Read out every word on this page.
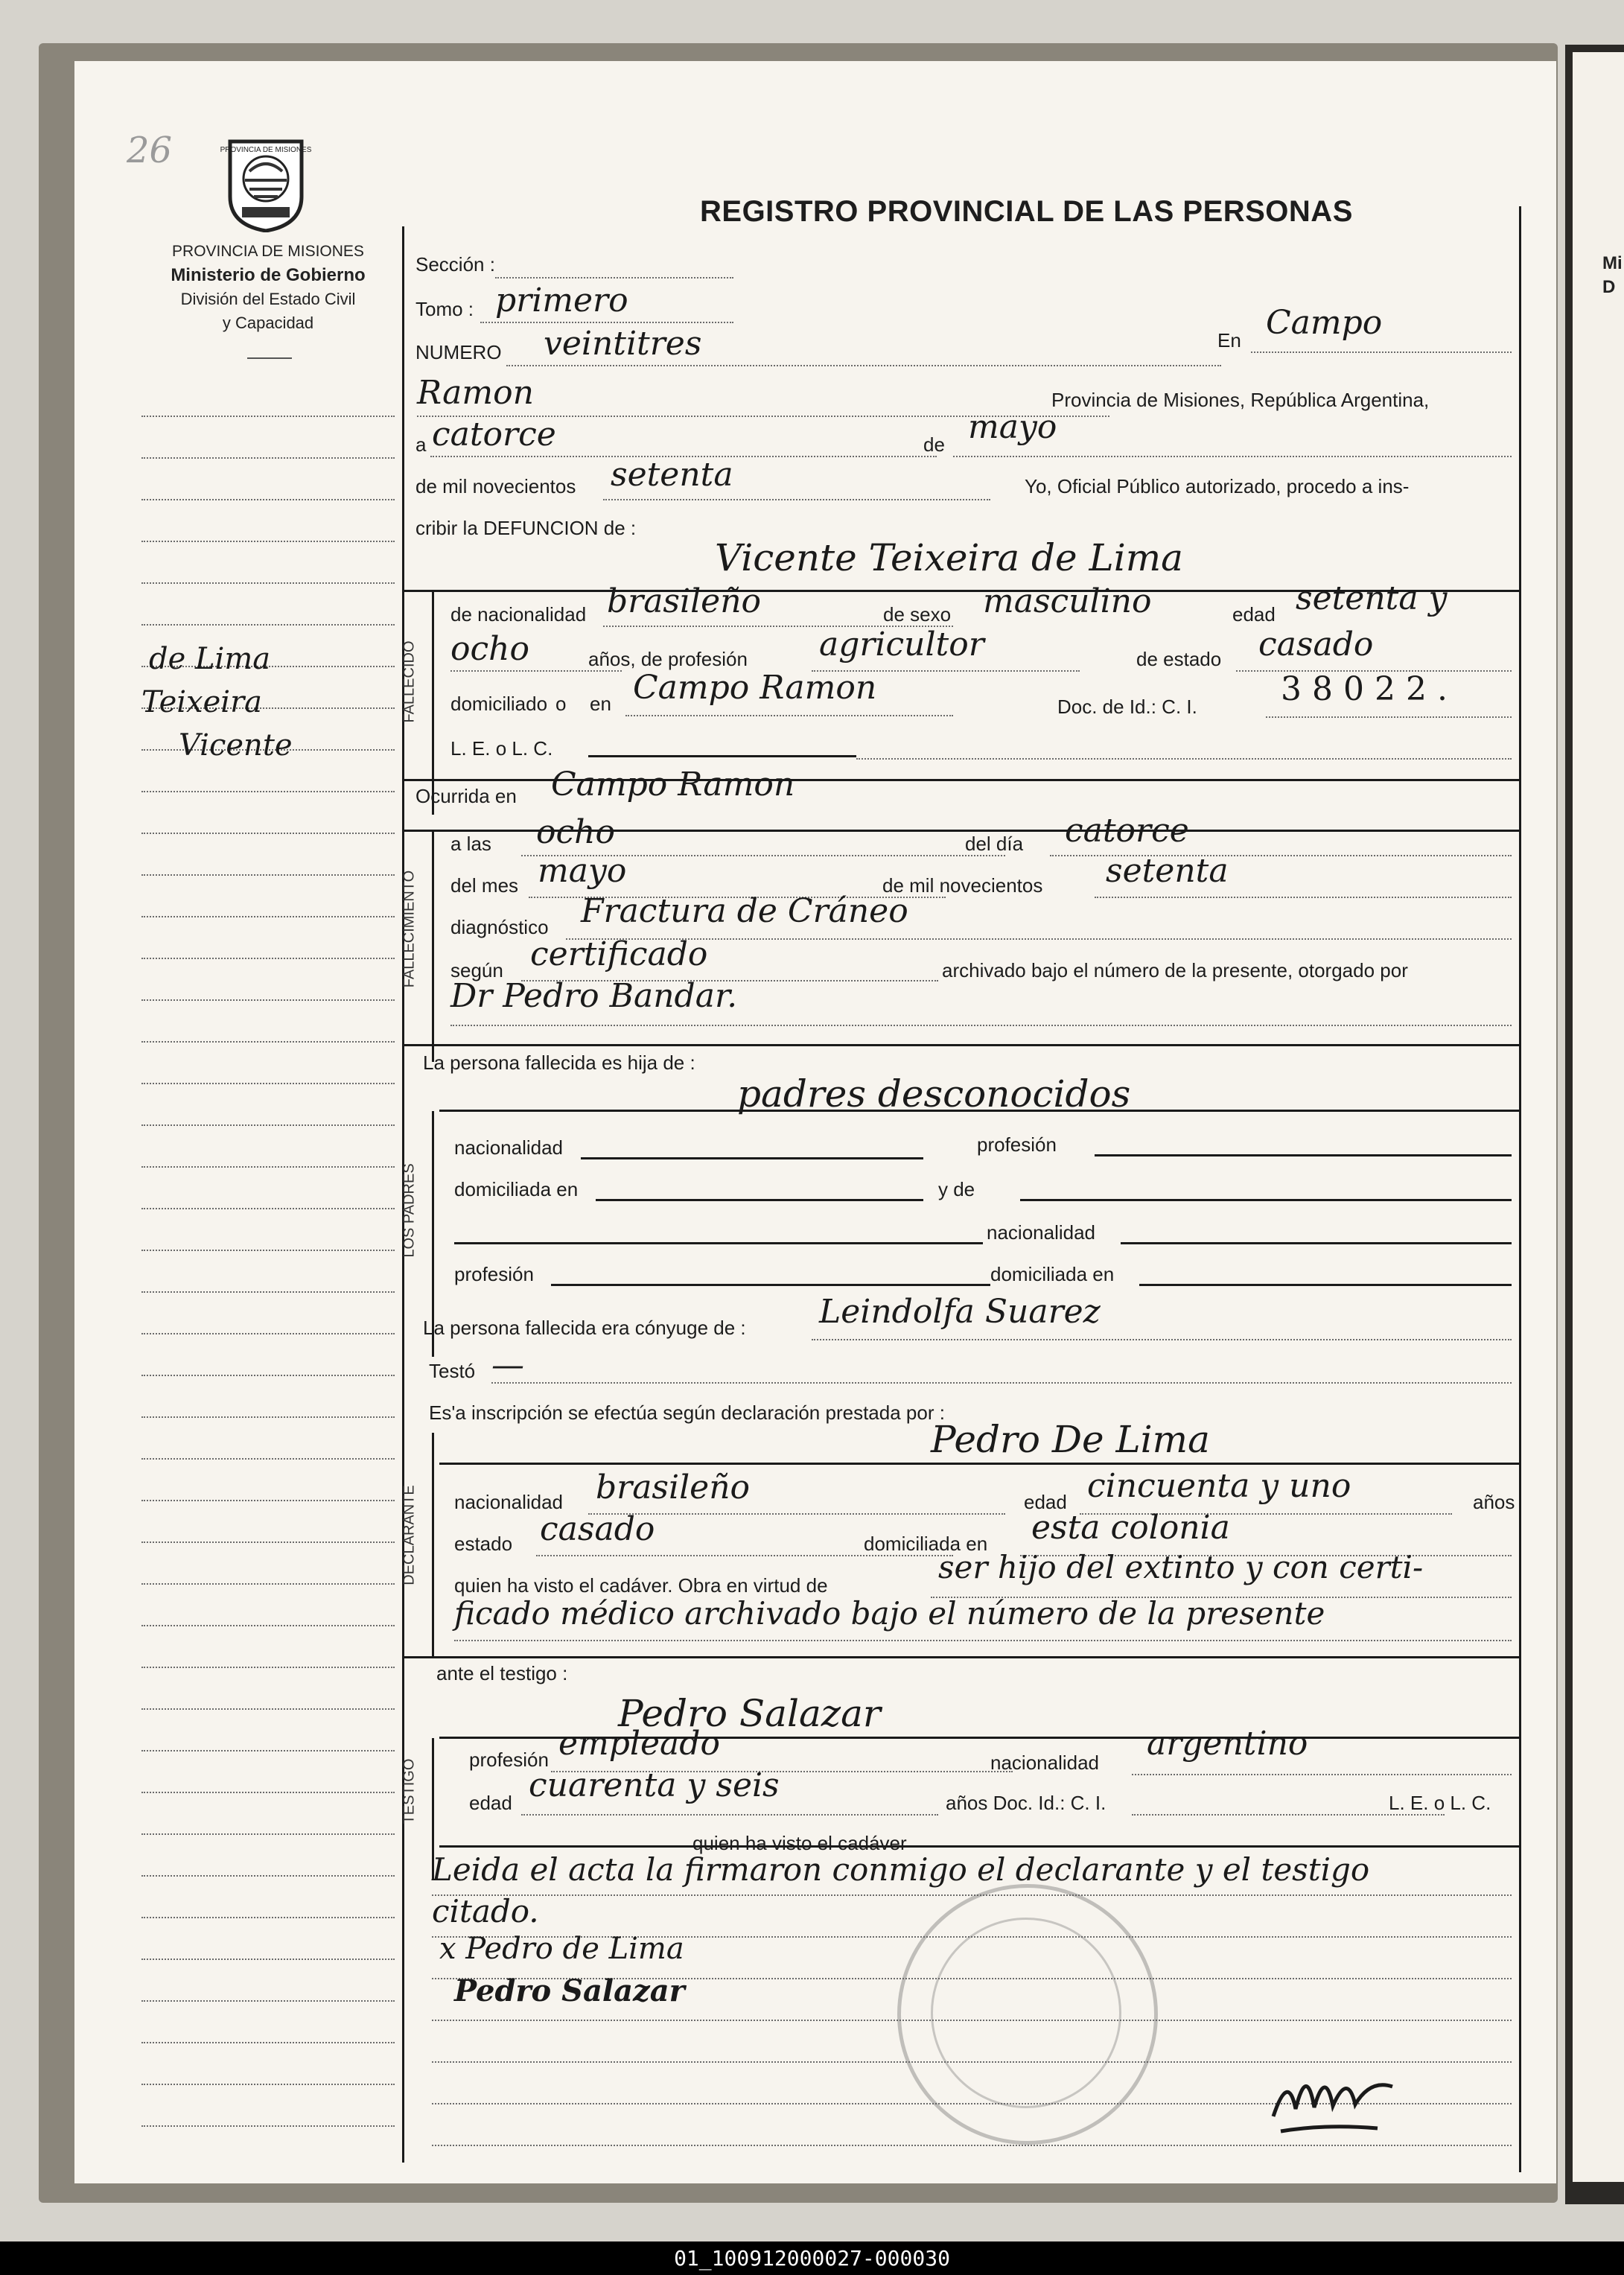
Mi
D
26	PROVINCIA DE MISIONES
REGISTRO PROVINCIAL DE LAS PERSONAS
PROVINCIA DE MISIONES
Ministerio de Gobierno
División del Estado Civil
y Capacidad
de Lima
Teixeira
Vicente
Sección :
Tomo : primero
NUMERO veintitres	En Campo
Ramon	Provincia de Misiones, República Argentina,
a catorce	de mayo
de mil novecientos setenta	Yo, Oficial Público autorizado, procedo a ins-
cribir la DEFUNCION de :
Vicente Teixeira de Lima
FALLECIDO
de nacionalidad brasileño	de sexo masculino	edad setenta y
ocho	años, de profesión agricultor	de estado casado
domiciliado o en Campo Ramon	Doc. de Id.: C. I.	38022.
L. E. o L. C.
Ocurrida en Campo Ramon
FALLECIMIENTO
a las ocho	del día catorce
del mes mayo	de mil novecientos setenta
diagnóstico Fractura de Cráneo
según certificado	archivado bajo el número de la presente, otorgado por
Dr Pedro Bandar.
La persona fallecida es hija de :
padres desconocidos
LOS PADRES
nacionalidad	profesión
domiciliada en	y de
nacionalidad
profesión	domiciliada en
La persona fallecida era cónyuge de : Leindolfa Suarez
Testó —
Es'a inscripción se efectúa según declaración prestada por :
Pedro De Lima
DECLARANTE nacionalidad brasileño	edad cincuenta y uno	años
estado casado	domiciliada en esta colonia
quien ha visto el cadáver. Obra en virtud de	ser hijo del extinto y con certi-
ficado médico archivado bajo el número de la presente
ante el testigo :
Pedro Salazar
TESTIGO	profesión empleado	nacionalidad argentino
edad cuarenta y seis	años Doc. Id.: C. I.	L. E. o L. C.
quien ha visto el cadáver
Leida el acta la firmaron conmigo el declarante y el testigo
citado.
x Pedro de Lima
Pedro Salazar
01_100912000027-000030
